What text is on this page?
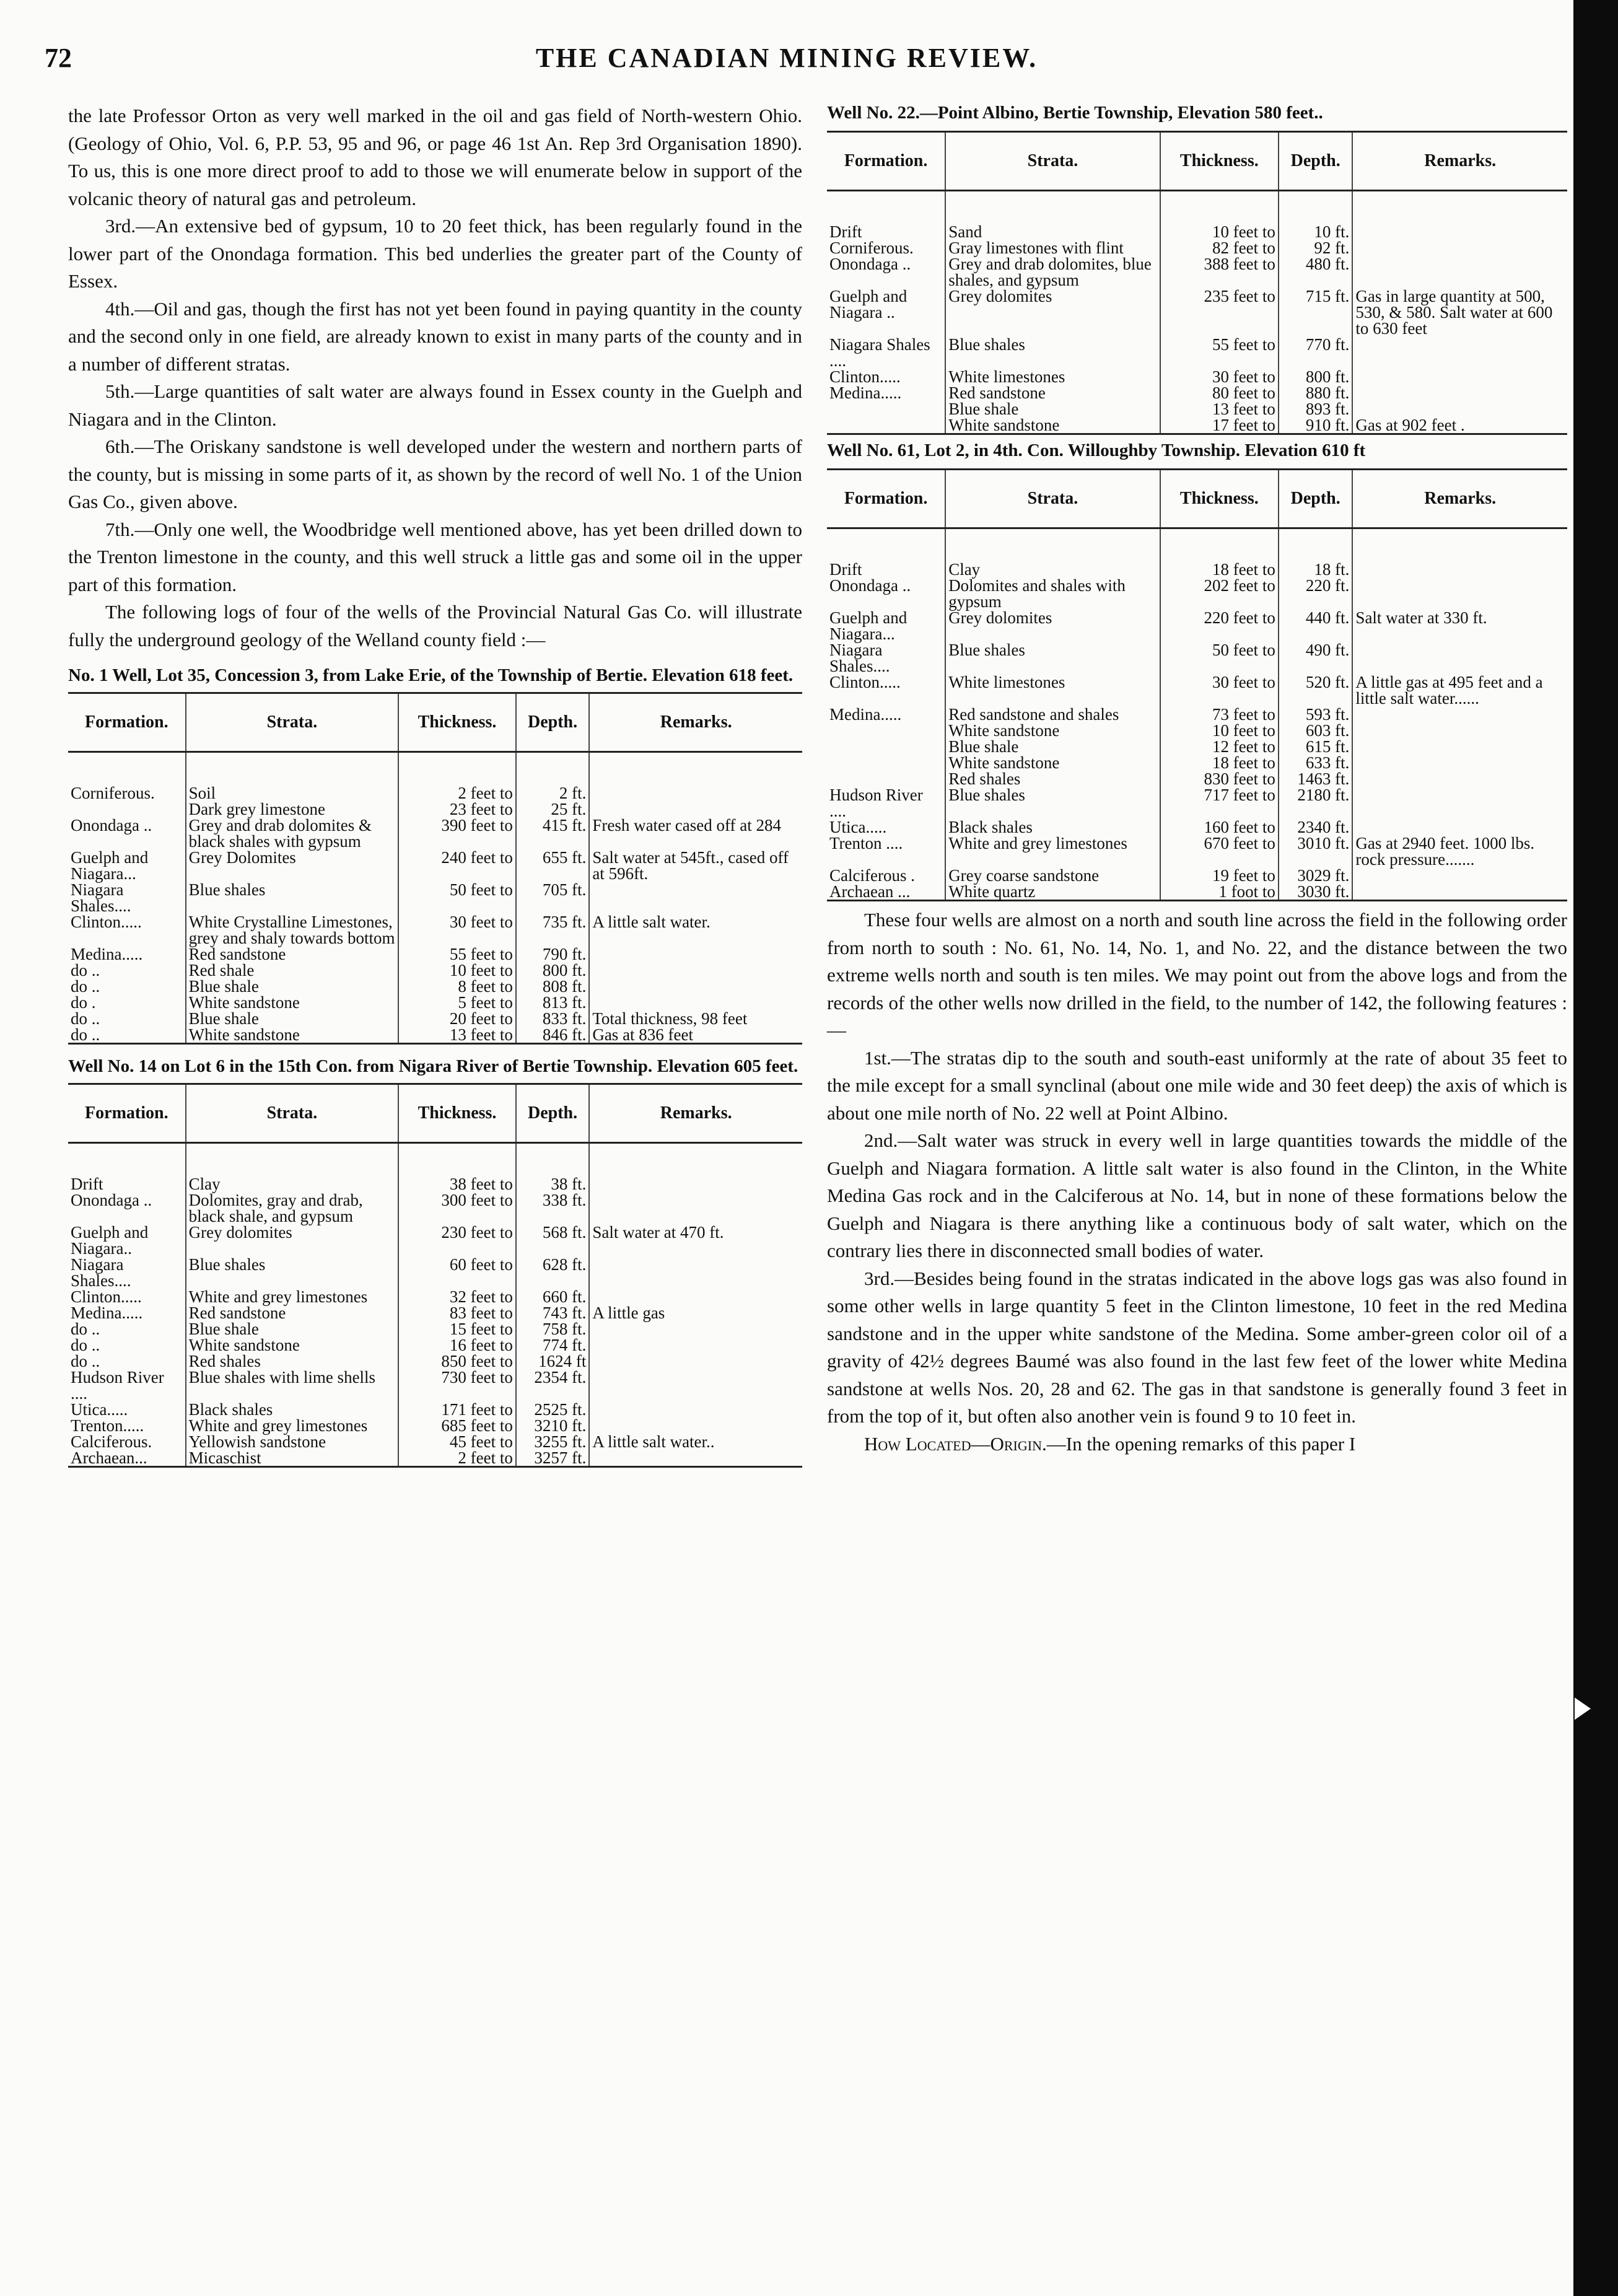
72	THE CANADIAN MINING REVIEW.

the late Professor Orton as very well marked in the oil and gas field of North-western Ohio. (Geology of Ohio, Vol. 6, P.P. 53, 95 and 96, or page 46 1st An. Rep 3rd Organisation 1890). To us, this is one more direct proof to add to those we will enumerate below in support of the volcanic theory of natural gas and petroleum.

3rd.—An extensive bed of gypsum, 10 to 20 feet thick, has been regularly found in the lower part of the Onondaga formation. This bed underlies the greater part of the County of Essex.

4th.—Oil and gas, though the first has not yet been found in paying quantity in the county and the second only in one field, are already known to exist in many parts of the county and in a number of different stratas.

5th.—Large quantities of salt water are always found in Essex county in the Guelph and Niagara and in the Clinton.

6th.—The Oriskany sandstone is well developed under the western and northern parts of the county, but is missing in some parts of it, as shown by the record of well No. 1 of the Union Gas Co., given above.

7th.—Only one well, the Woodbridge well mentioned above, has yet been drilled down to the Trenton limestone in the county, and this well struck a little gas and some oil in the upper part of this formation.

The following logs of four of the wells of the Provincial Natural Gas Co. will illustrate fully the underground geology of the Welland county field :—

No. 1 Well, Lot 35, Concession 3, from Lake Erie, of the Township of Bertie. Elevation 618 feet.
Formation.	Strata.	Thickness.	Depth.	Remarks.

Corniferous.	Soil	2 feet to	2 ft.	
	Dark grey limestone	23 feet to	25 ft.	
Onondaga ..	Grey and drab dolomites & black shales with gypsum	390 feet to	415 ft.	Fresh water cased off at 284
Guelph and Niagara...	Grey Dolomites	240 feet to	655 ft.	Salt water at 545ft., cased off at 596ft.
Niagara Shales....	Blue shales	50 feet to	705 ft.	
Clinton.....	White Crystalline Limestones, grey and shaly towards bottom	30 feet to	735 ft.	A little salt water.
Medina.....	Red sandstone	55 feet to	790 ft.	
do ..	Red shale	10 feet to	800 ft.	
do ..	Blue shale	8 feet to	808 ft.	
do .	White sandstone	5 feet to	813 ft.	
do ..	Blue shale	20 feet to	833 ft.	Total thickness, 98 feet
do ..	White sandstone	13 feet to	846 ft.	Gas at 836 feet
Well No. 14 on Lot 6 in the 15th Con. from Nigara River of Bertie Township. Elevation 605 feet.
Formation.	Strata.	Thickness.	Depth.	Remarks.

Drift	Clay	38 feet to	38 ft.	
Onondaga ..	Dolomites, gray and drab, black shale, and gypsum	300 feet to	338 ft.	
Guelph and Niagara..	Grey dolomites	230 feet to	568 ft.	Salt water at 470 ft.
Niagara Shales....	Blue shales	60 feet to	628 ft.	
Clinton.....	White and grey limestones	32 feet to	660 ft.	
Medina.....	Red sandstone	83 feet to	743 ft.	A little gas
do ..	Blue shale	15 feet to	758 ft.	
do ..	White sandstone	16 feet to	774 ft.	
do ..	Red shales	850 feet to	1624 ft	
Hudson River ....	Blue shales with lime shells	730 feet to	2354 ft.	
Utica.....	Black shales	171 feet to	2525 ft.	
Trenton.....	White and grey limestones	685 feet to	3210 ft.	
Calciferous.	Yellowish sandstone	45 feet to	3255 ft.	A little salt water..
Archaean...	Micaschist	2 feet to	3257 ft.	
Well No. 22.—Point Albino, Bertie Township, Elevation 580 feet..
Formation.	Strata.	Thickness.	Depth.	Remarks.

Drift	Sand	10 feet to	10 ft.	
Corniferous.	Gray limestones with flint	82 feet to	92 ft.	
Onondaga ..	Grey and drab dolomites, blue shales, and gypsum	388 feet to	480 ft.	
Guelph and Niagara ..	Grey dolomites	235 feet to	715 ft.	Gas in large quantity at 500, 530, & 580. Salt water at 600 to 630 feet
Niagara Shales ....	Blue shales	55 feet to	770 ft.	
Clinton.....	White limestones	30 feet to	800 ft.	
Medina.....	Red sandstone	80 feet to	880 ft.	
	Blue shale	13 feet to	893 ft.	
	White sandstone	17 feet to	910 ft.	Gas at 902 feet .
Well No. 61, Lot 2, in 4th. Con. Willoughby Township. Elevation 610 ft
Formation.	Strata.	Thickness.	Depth.	Remarks.

Drift	Clay	18 feet to	18 ft.	
Onondaga ..	Dolomites and shales with gypsum	202 feet to	220 ft.	
Guelph and Niagara...	Grey dolomites	220 feet to	440 ft.	Salt water at 330 ft.
Niagara Shales....	Blue shales	50 feet to	490 ft.	
Clinton.....	White limestones	30 feet to	520 ft.	A little gas at 495 feet and a little salt water......
Medina.....	Red sandstone and shales	73 feet to	593 ft.	
	White sandstone	10 feet to	603 ft.	
	Blue shale	12 feet to	615 ft.	
	White sandstone	18 feet to	633 ft.	
	Red shales	830 feet to	1463 ft.	
Hudson River ....	Blue shales	717 feet to	2180 ft.	
Utica.....	Black shales	160 feet to	2340 ft.	
Trenton ....	White and grey limestones	670 feet to	3010 ft.	Gas at 2940 feet. 1000 lbs. rock pressure.......
Calciferous .	Grey coarse sandstone	19 feet to	3029 ft.	
Archaean ...	White quartz	1 foot to	3030 ft.	

These four wells are almost on a north and south line across the field in the following order from north to south : No. 61, No. 14, No. 1, and No. 22, and the distance between the two extreme wells north and south is ten miles. We may point out from the above logs and from the records of the other wells now drilled in the field, to the number of 142, the following features :—

1st.—The stratas dip to the south and south-east uniformly at the rate of about 35 feet to the mile except for a small synclinal (about one mile wide and 30 feet deep) the axis of which is about one mile north of No. 22 well at Point Albino.

2nd.—Salt water was struck in every well in large quantities towards the middle of the Guelph and Niagara formation. A little salt water is also found in the Clinton, in the White Medina Gas rock and in the Calciferous at No. 14, but in none of these formations below the Guelph and Niagara is there anything like a continuous body of salt water, which on the contrary lies there in disconnected small bodies of water.

3rd.—Besides being found in the stratas indicated in the above logs gas was also found in some other wells in large quantity 5 feet in the Clinton limestone, 10 feet in the red Medina sandstone and in the upper white sandstone of the Medina. Some amber-green color oil of a gravity of 42½ degrees Baumé was also found in the last few feet of the lower white Medina sandstone at wells Nos. 20, 28 and 62. The gas in that sandstone is generally found 3 feet in from the top of it, but often also another vein is found 9 to 10 feet in.

How Located—Origin.—In the opening remarks of this paper I
